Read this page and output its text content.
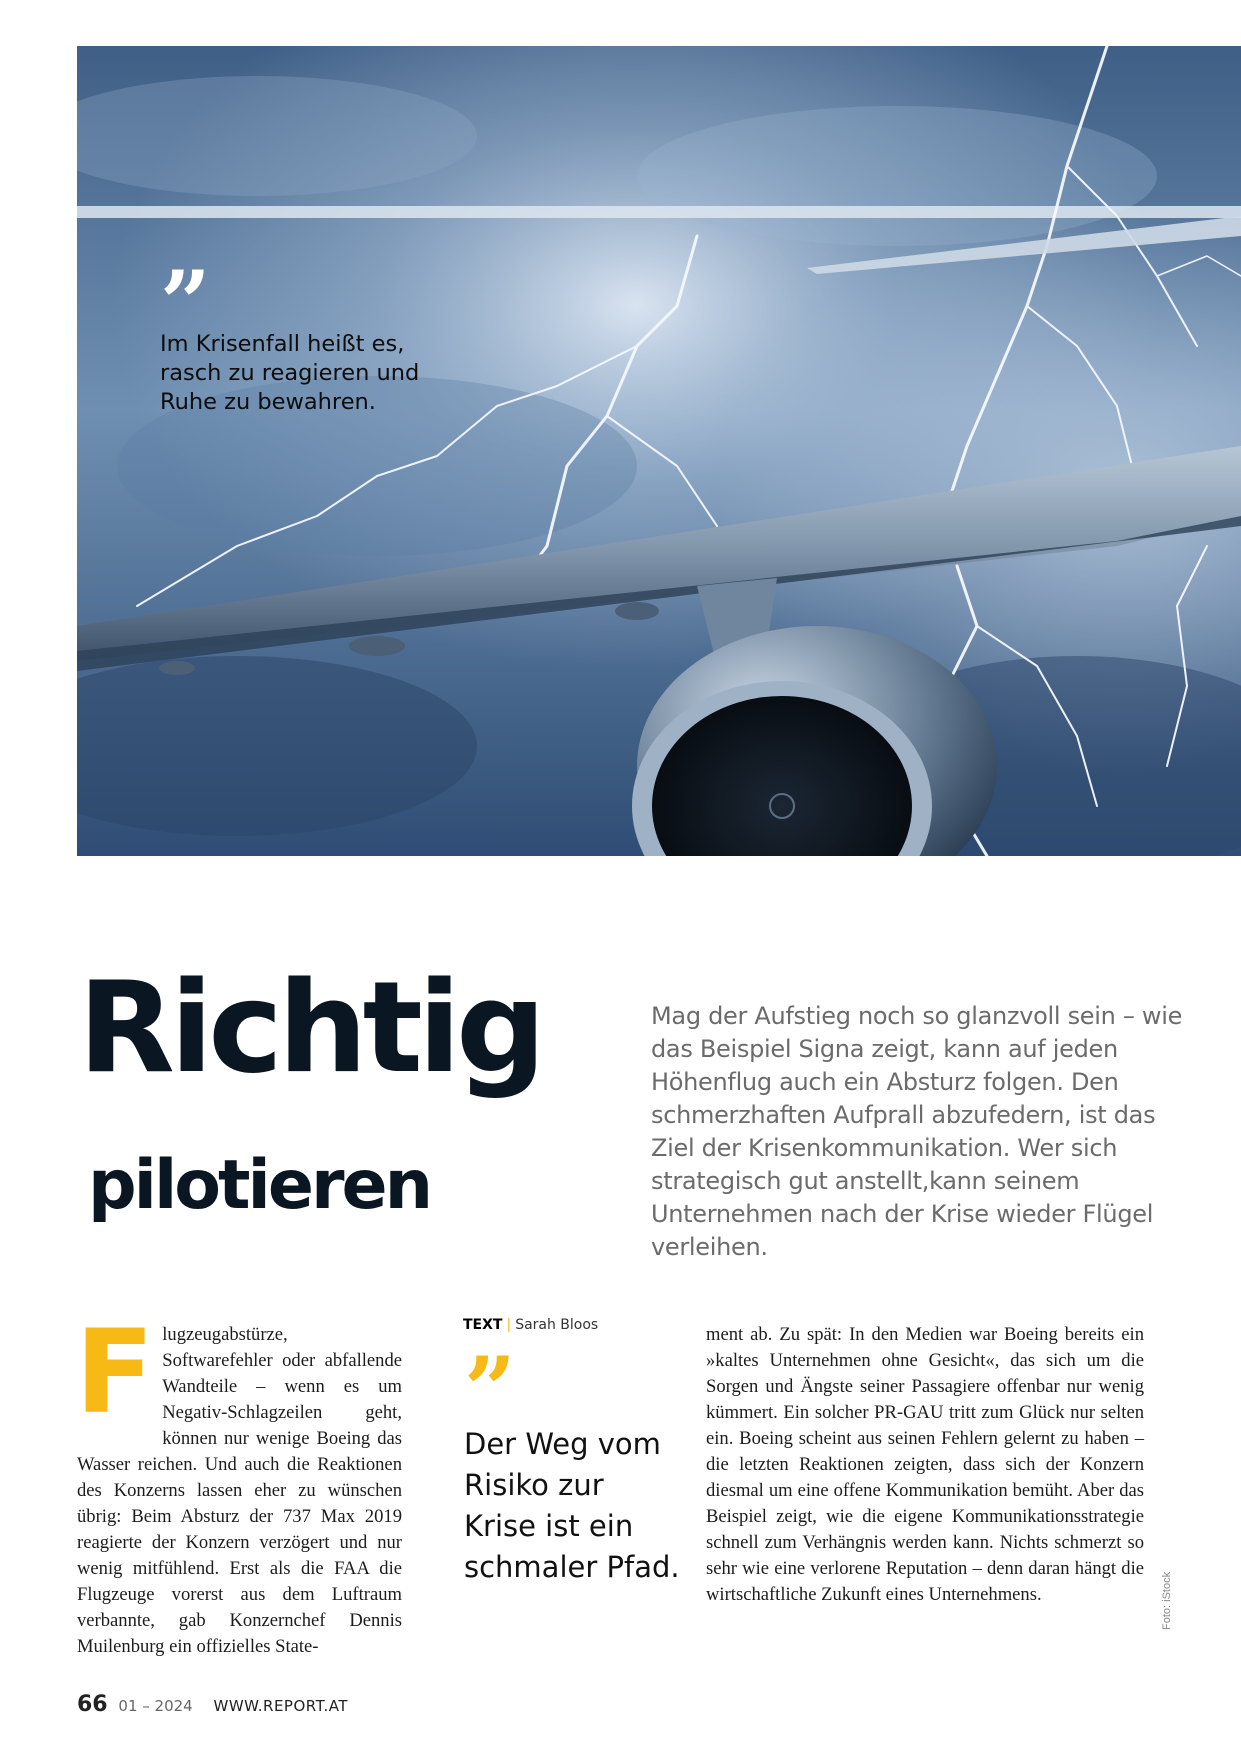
”
Im Krisenfall heißt es, rasch zu reagieren und Ruhe zu bewahren.
Richtig
pilotieren
Mag der Aufstieg noch so glanzvoll sein – wie das Beispiel Signa zeigt, kann auf jeden Höhenflug auch ein Absturz folgen. Den schmerzhaften Aufprall abzufedern, ist das Ziel der Krisenkommunikation. Wer sich strategisch gut anstellt,kann seinem Unternehmen nach der Krise wieder Flügel verleihen.
Flugzeugabstürze, Softwarefehler oder abfallende Wandteile – wenn es um Negativ-Schlagzeilen geht, können nur wenige Boeing das Wasser reichen. Und auch die Reaktionen des Konzerns lassen eher zu wünschen übrig: Beim Absturz der 737 Max 2019 reagierte der Konzern verzögert und nur wenig mitfühlend. Erst als die FAA die Flugzeuge vorerst aus dem Luftraum verbannte, gab Konzernchef Dennis Muilenburg ein offizielles State-
TEXT | Sarah Bloos
”
Der Weg vom Risiko zur Krise ist ein schmaler Pfad.
ment ab. Zu spät: In den Medien war Boeing bereits ein »kaltes Unternehmen ohne Gesicht«, das sich um die Sorgen und Ängste seiner Passagiere offenbar nur wenig kümmert. Ein solcher PR-GAU tritt zum Glück nur selten ein. Boeing scheint aus seinen Fehlern gelernt zu haben – die letzten Reaktionen zeigten, dass sich der Konzern diesmal um eine offene Kommunikation bemüht. Aber das Beispiel zeigt, wie die eigene Kommunikationsstrategie schnell zum Verhängnis werden kann. Nichts schmerzt so sehr wie eine verlorene Reputation – denn daran hängt die wirtschaftliche Zukunft eines Unternehmens.	Foto: iStock
66 01 – 2024 WWW.REPORT.AT
